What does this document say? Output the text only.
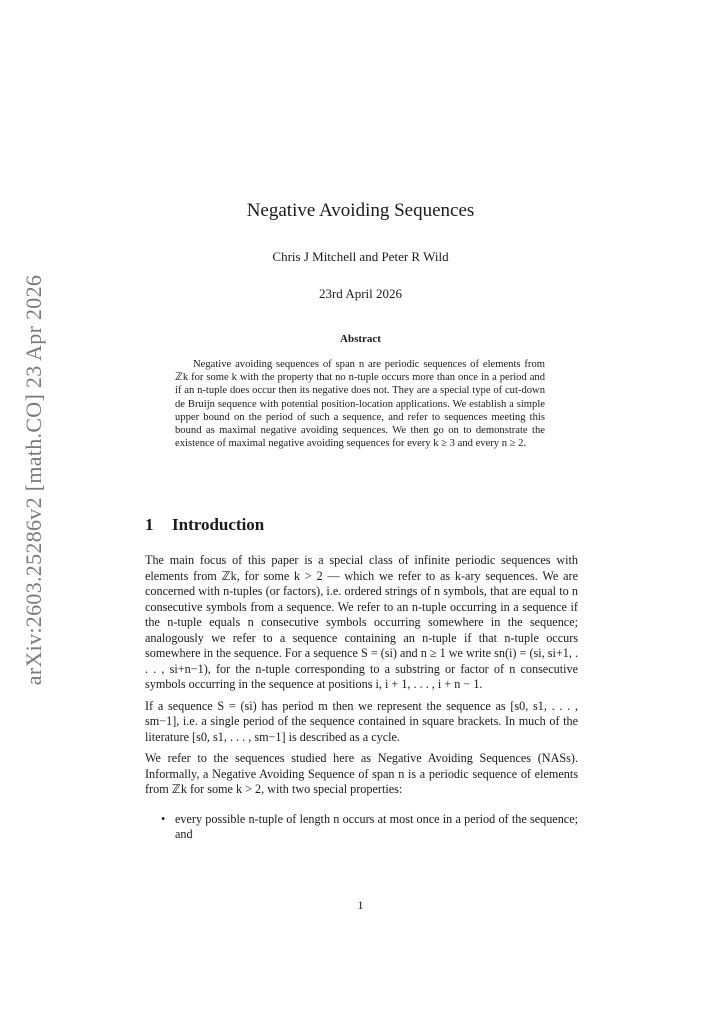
arXiv:2603.25286v2 [math.CO] 23 Apr 2026
Negative Avoiding Sequences
Chris J Mitchell and Peter R Wild
23rd April 2026
Abstract

Negative avoiding sequences of span n are periodic sequences of elements from ℤk for some k with the property that no n-tuple occurs more than once in a period and if an n-tuple does occur then its negative does not. They are a special type of cut-down de Bruijn sequence with potential position-location applications. We establish a simple upper bound on the period of such a sequence, and refer to sequences meeting this bound as maximal negative avoiding sequences. We then go on to demonstrate the existence of maximal negative avoiding sequences for every k ≥ 3 and every n ≥ 2.

1 Introduction

The main focus of this paper is a special class of infinite periodic sequences with elements from ℤk, for some k > 2 — which we refer to as k-ary sequences. We are concerned with n-tuples (or factors), i.e. ordered strings of n symbols, that are equal to n consecutive symbols from a sequence. We refer to an n-tuple occurring in a sequence if the n-tuple equals n consecutive symbols occurring somewhere in the sequence; analogously we refer to a sequence containing an n-tuple if that n-tuple occurs somewhere in the sequence. For a sequence S = (si) and n ≥ 1 we write sn(i) = (si, si+1, . . . , si+n−1), for the n-tuple corresponding to a substring or factor of n consecutive symbols occurring in the sequence at positions i, i + 1, . . . , i + n − 1.

If a sequence S = (si) has period m then we represent the sequence as [s0, s1, . . . , sm−1], i.e. a single period of the sequence contained in square brackets. In much of the literature [s0, s1, . . . , sm−1] is described as a cycle.

We refer to the sequences studied here as Negative Avoiding Sequences (NASs). Informally, a Negative Avoiding Sequence of span n is a periodic sequence of elements from ℤk for some k > 2, with two special properties:

• every possible n-tuple of length n occurs at most once in a period of the sequence; and
1
